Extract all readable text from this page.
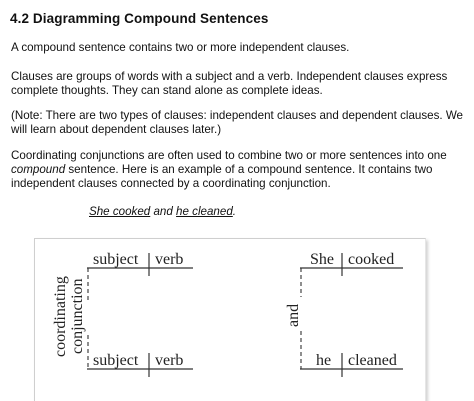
4.2 Diagramming Compound Sentences

A compound sentence contains two or more independent clauses.

Clauses are groups of words with a subject and a verb. Independent clauses express
complete thoughts. They can stand alone as complete ideas.

(Note: There are two types of clauses: independent clauses and dependent clauses. We
will learn about dependent clauses later.)

Coordinating conjunctions are often used to combine two or more sentences into one
compound sentence. Here is an example of a compound sentence. It contains two
independent clauses connected by a coordinating conjunction.

She cooked and he cleaned.
subject verb
subject verb
coordinating conjunction
She cooked
he cleaned
and
